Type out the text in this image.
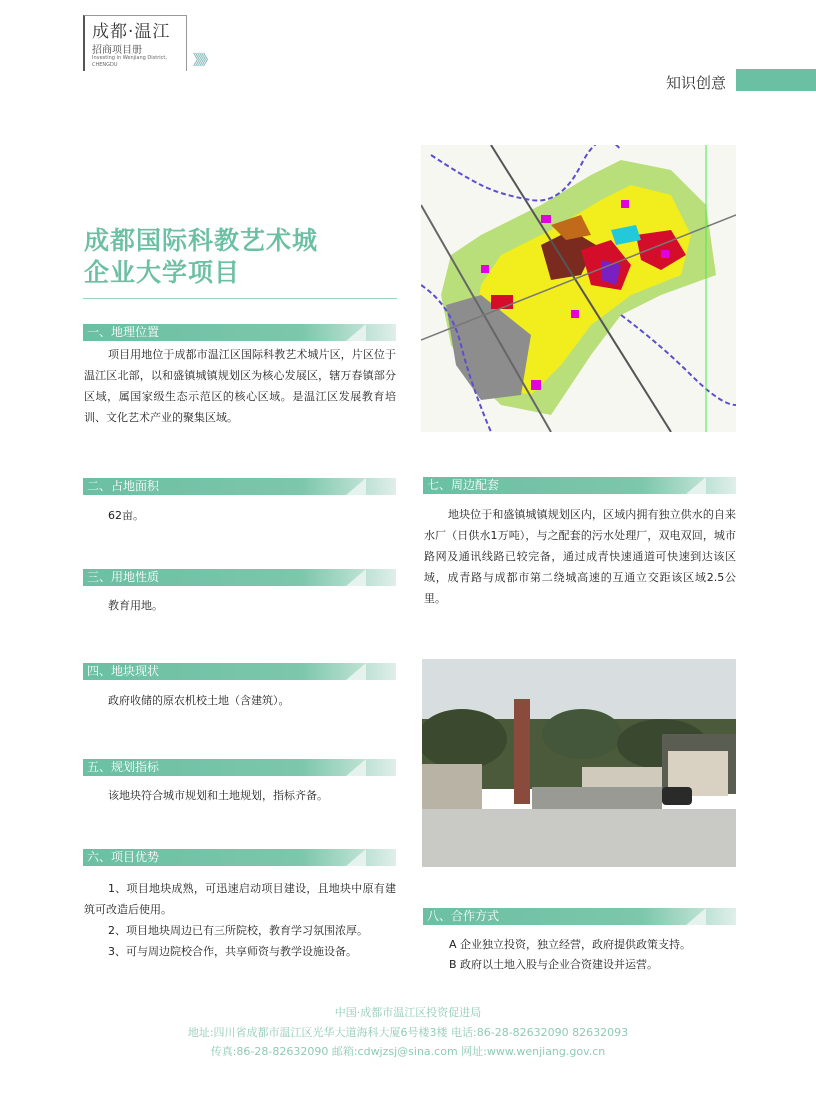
成都·温江
招商项目册
Investing in Wenjiang District, CHENGDU	》》》
知识创意
成都国际科教艺术城
企业大学项目
一、地理位置
项目用地位于成都市温江区国际科教艺术城片区，片区位于温江区北部，以和盛镇城镇规划区为核心发展区，辖万春镇部分区域，属国家级生态示范区的核心区域。是温江区发展教育培训、文化艺术产业的聚集区域。
二、占地面积
62亩。
三、用地性质
教育用地。
四、地块现状
政府收储的原农机校土地（含建筑）。
五、规划指标
该地块符合城市规划和土地规划，指标齐备。
六、项目优势

1、项目地块成熟，可迅速启动项目建设，且地块中原有建筑可改造后使用。

2、项目地块周边已有三所院校，教育学习氛围浓厚。

3、可与周边院校合作，共享师资与教学设施设备。

七、周边配套
地块位于和盛镇城镇规划区内，区域内拥有独立供水的自来水厂（日供水1万吨），与之配套的污水处理厂，双电双回，城市路网及通讯线路已较完备，通过成青快速通道可快速到达该区域，成青路与成都市第二绕城高速的互通立交距该区域2.5公里。
八、合作方式

A 企业独立投资，独立经营，政府提供政策支持。

B 政府以土地入股与企业合资建设并运营。

中国·成都市温江区投资促进局
地址:四川省成都市温江区光华大道海科大厦6号楼3楼 电话:86-28-82632090 82632093
传真:86-28-82632090 邮箱:cdwjzsj@sina.com 网址:www.wenjiang.gov.cn
